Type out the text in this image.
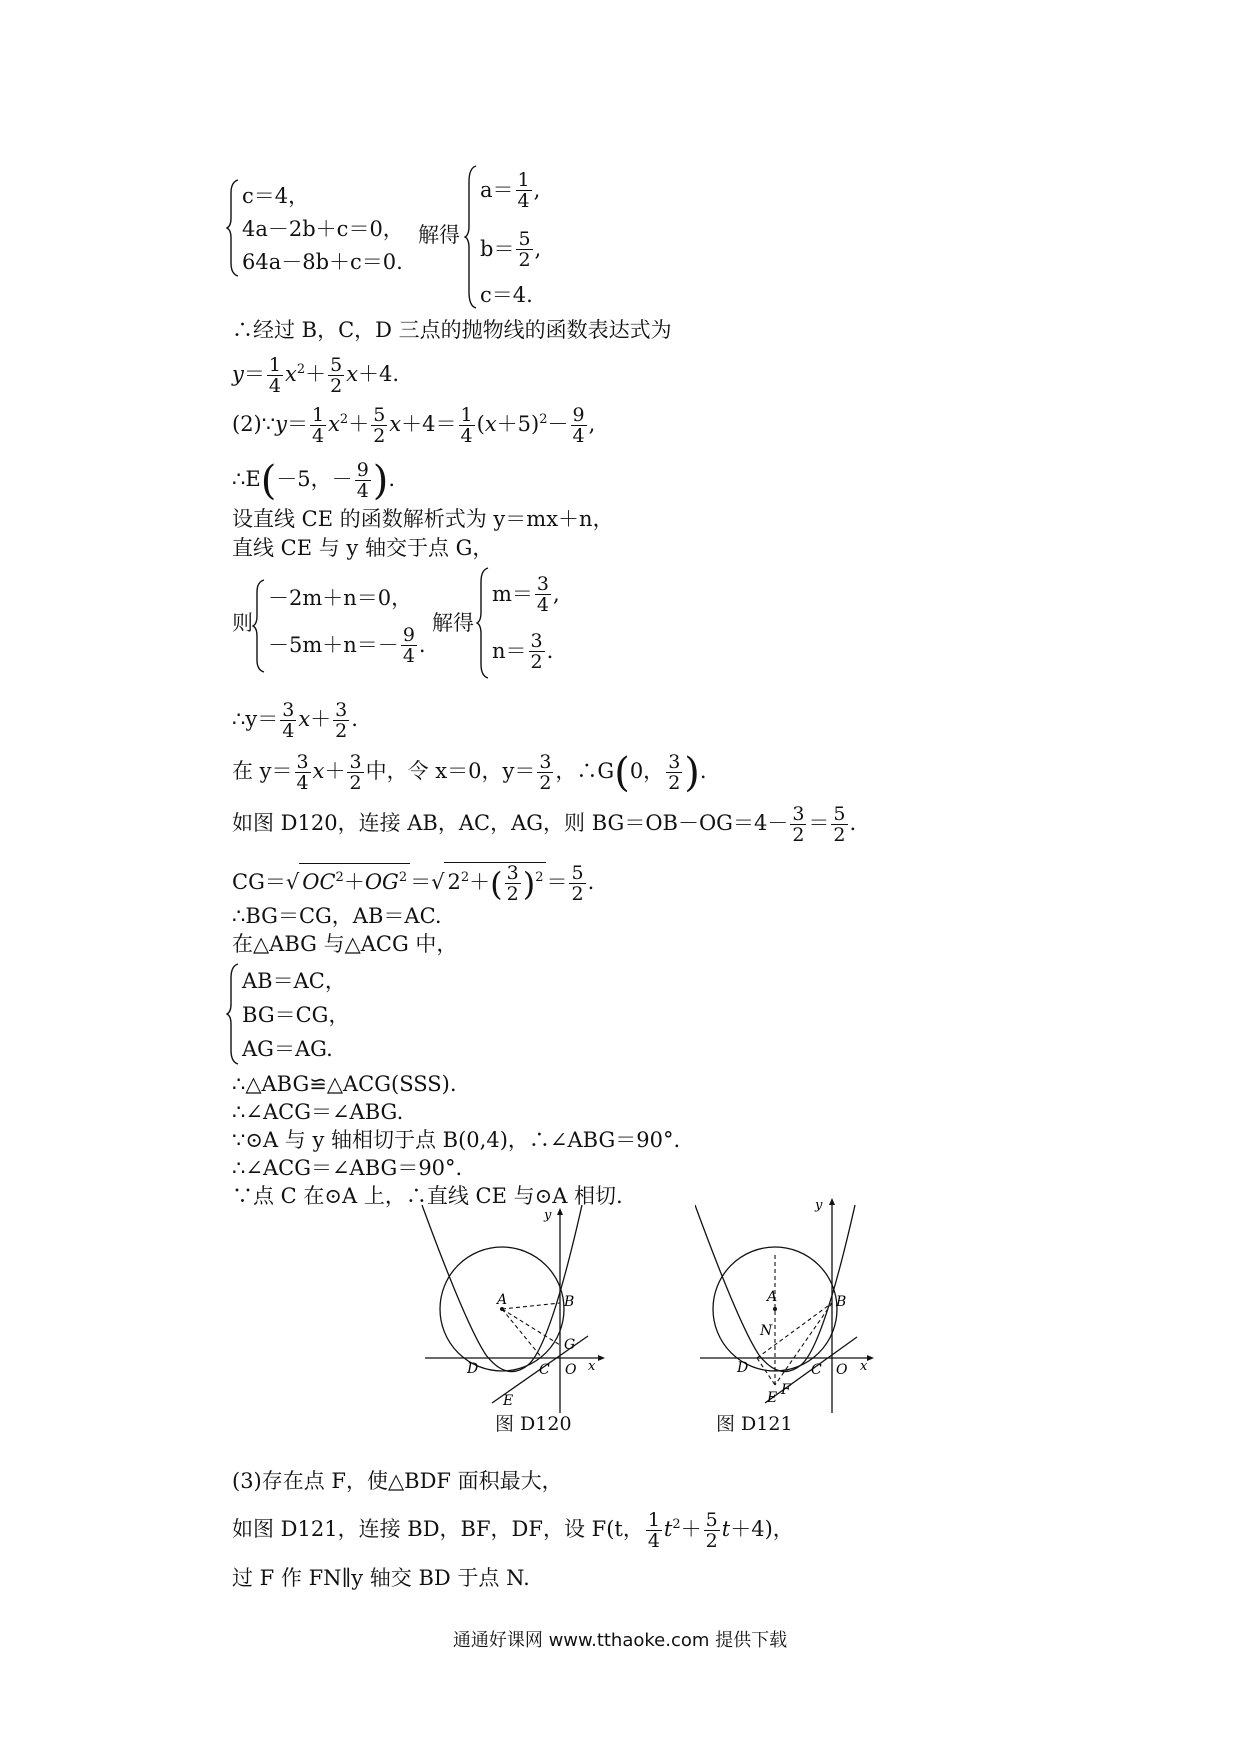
c＝4，
4a－2b＋c＝0，
64a－8b＋c＝0.
解得
$a= \frac{1}{4}$ ,
$b= \frac{5}{2}$ ,
c＝4.
∴经过 B，C，D 三点的抛物线的函数表达式为
$y= \frac{1}{4} x^2+ \frac{5}{2} x+4$.
(2)∵y＝ $\frac{1}{4} x^2+ \frac{5}{2} x+4= \frac{1}{4} (x+5)^2- \frac{9}{4}$ ,
∴E(－5，－ $\frac{9}{4}$ ).
设直线 CE 的函数解析式为 y＝mx＋n，
直线 CE 与 y 轴交于点 G，
则
－2m＋n＝0，
$-5m+n=- \frac{9}{4}$ .
解得
$m= \frac{3}{4}$ ,
$n= \frac{3}{2}$ .
∴y＝ $\frac{3}{4} x+ \frac{3}{2}$ .
在 $y= \frac{3}{4} x+ \frac{3}{2}$ 中，令 x＝0，$y= \frac{3}{2}$ ，∴G(0， $\frac{3}{2}$ ).
如图 D120，连接 AB，AC，AG，则 $BG=OB-OG=4- \frac{3}{2} = \frac{5}{2}$ .
CG＝√ $OC^2+OG^2$ ＝√ $2^2+( \frac{3}{2} )^2 = \frac{5}{2}$ .
∴BG＝CG，AB＝AC.
在△ABG 与△ACG 中，
AB＝AC，
BG＝CG，
AG＝AG.
∴△ABG≌△ACG(SSS).
∴∠ACG＝∠ABG.
∵⊙A 与 y 轴相切于点 B(0,4)，∴∠ABG＝90°.
∴∠ACG＝∠ABG＝90°.
∵点 C 在⊙A 上，∴直线 CE 与⊙A 相切.
A	B
G
C O x
y
D
E
图 D120
A	B
N
C O x
y
D
E F
图 D121
(3)存在点 F，使△BDF 面积最大，
如图 D121，连接 BD，BF，DF，设 F(t， $\frac{1}{4} t^2+ \frac{5}{2} t+4$)，
过 F 作 FN∥y 轴交 BD 于点 N.
通通好课网 www.tthaoke.com 提供下载
